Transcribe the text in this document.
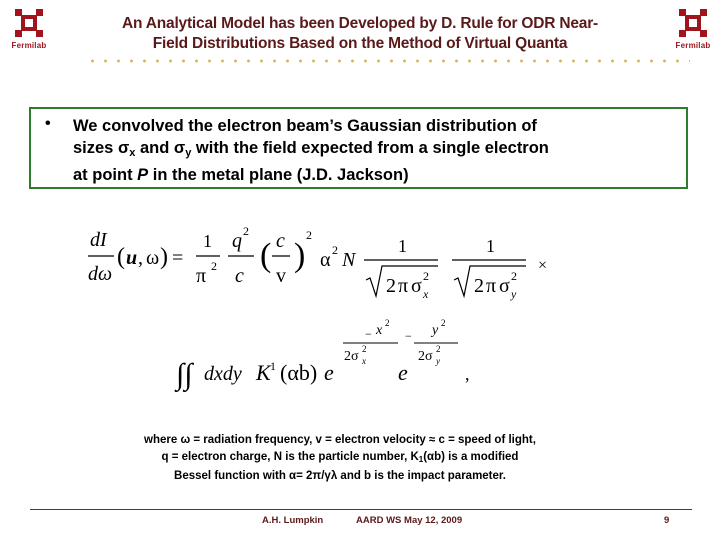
Fermilab	Fermilab
An Analytical Model has been Developed by D. Rule for ODR Near-
Field Distributions Based on the Method of Virtual Quanta
• We convolved the electron beam’s Gaussian distribution of
sizes $\sigma_x$ and $\sigma_y$ with the field expected from a single electron
at point P in the metal plane (J.D. Jackson)
dI
dω
( u , ω ) =
1
π 2
q 2
c
( c
v
)
2
α 2 N
1
2 π σ 2
x
1
2 π σ 2
y
×
− x 2
2σ 2
x
− y 2
2σ 2
y
∫∫ dxdy K 1 (αb) e	e	,
where ω = radiation frequency, v = electron velocity ≈ c = speed of light,
q = electron charge, N is the particle number, K1(αb) is a modified
Bessel function with α= 2π/γλ and b is the impact parameter.
A.H. Lumpkin	AARD WS May 12, 2009	9
